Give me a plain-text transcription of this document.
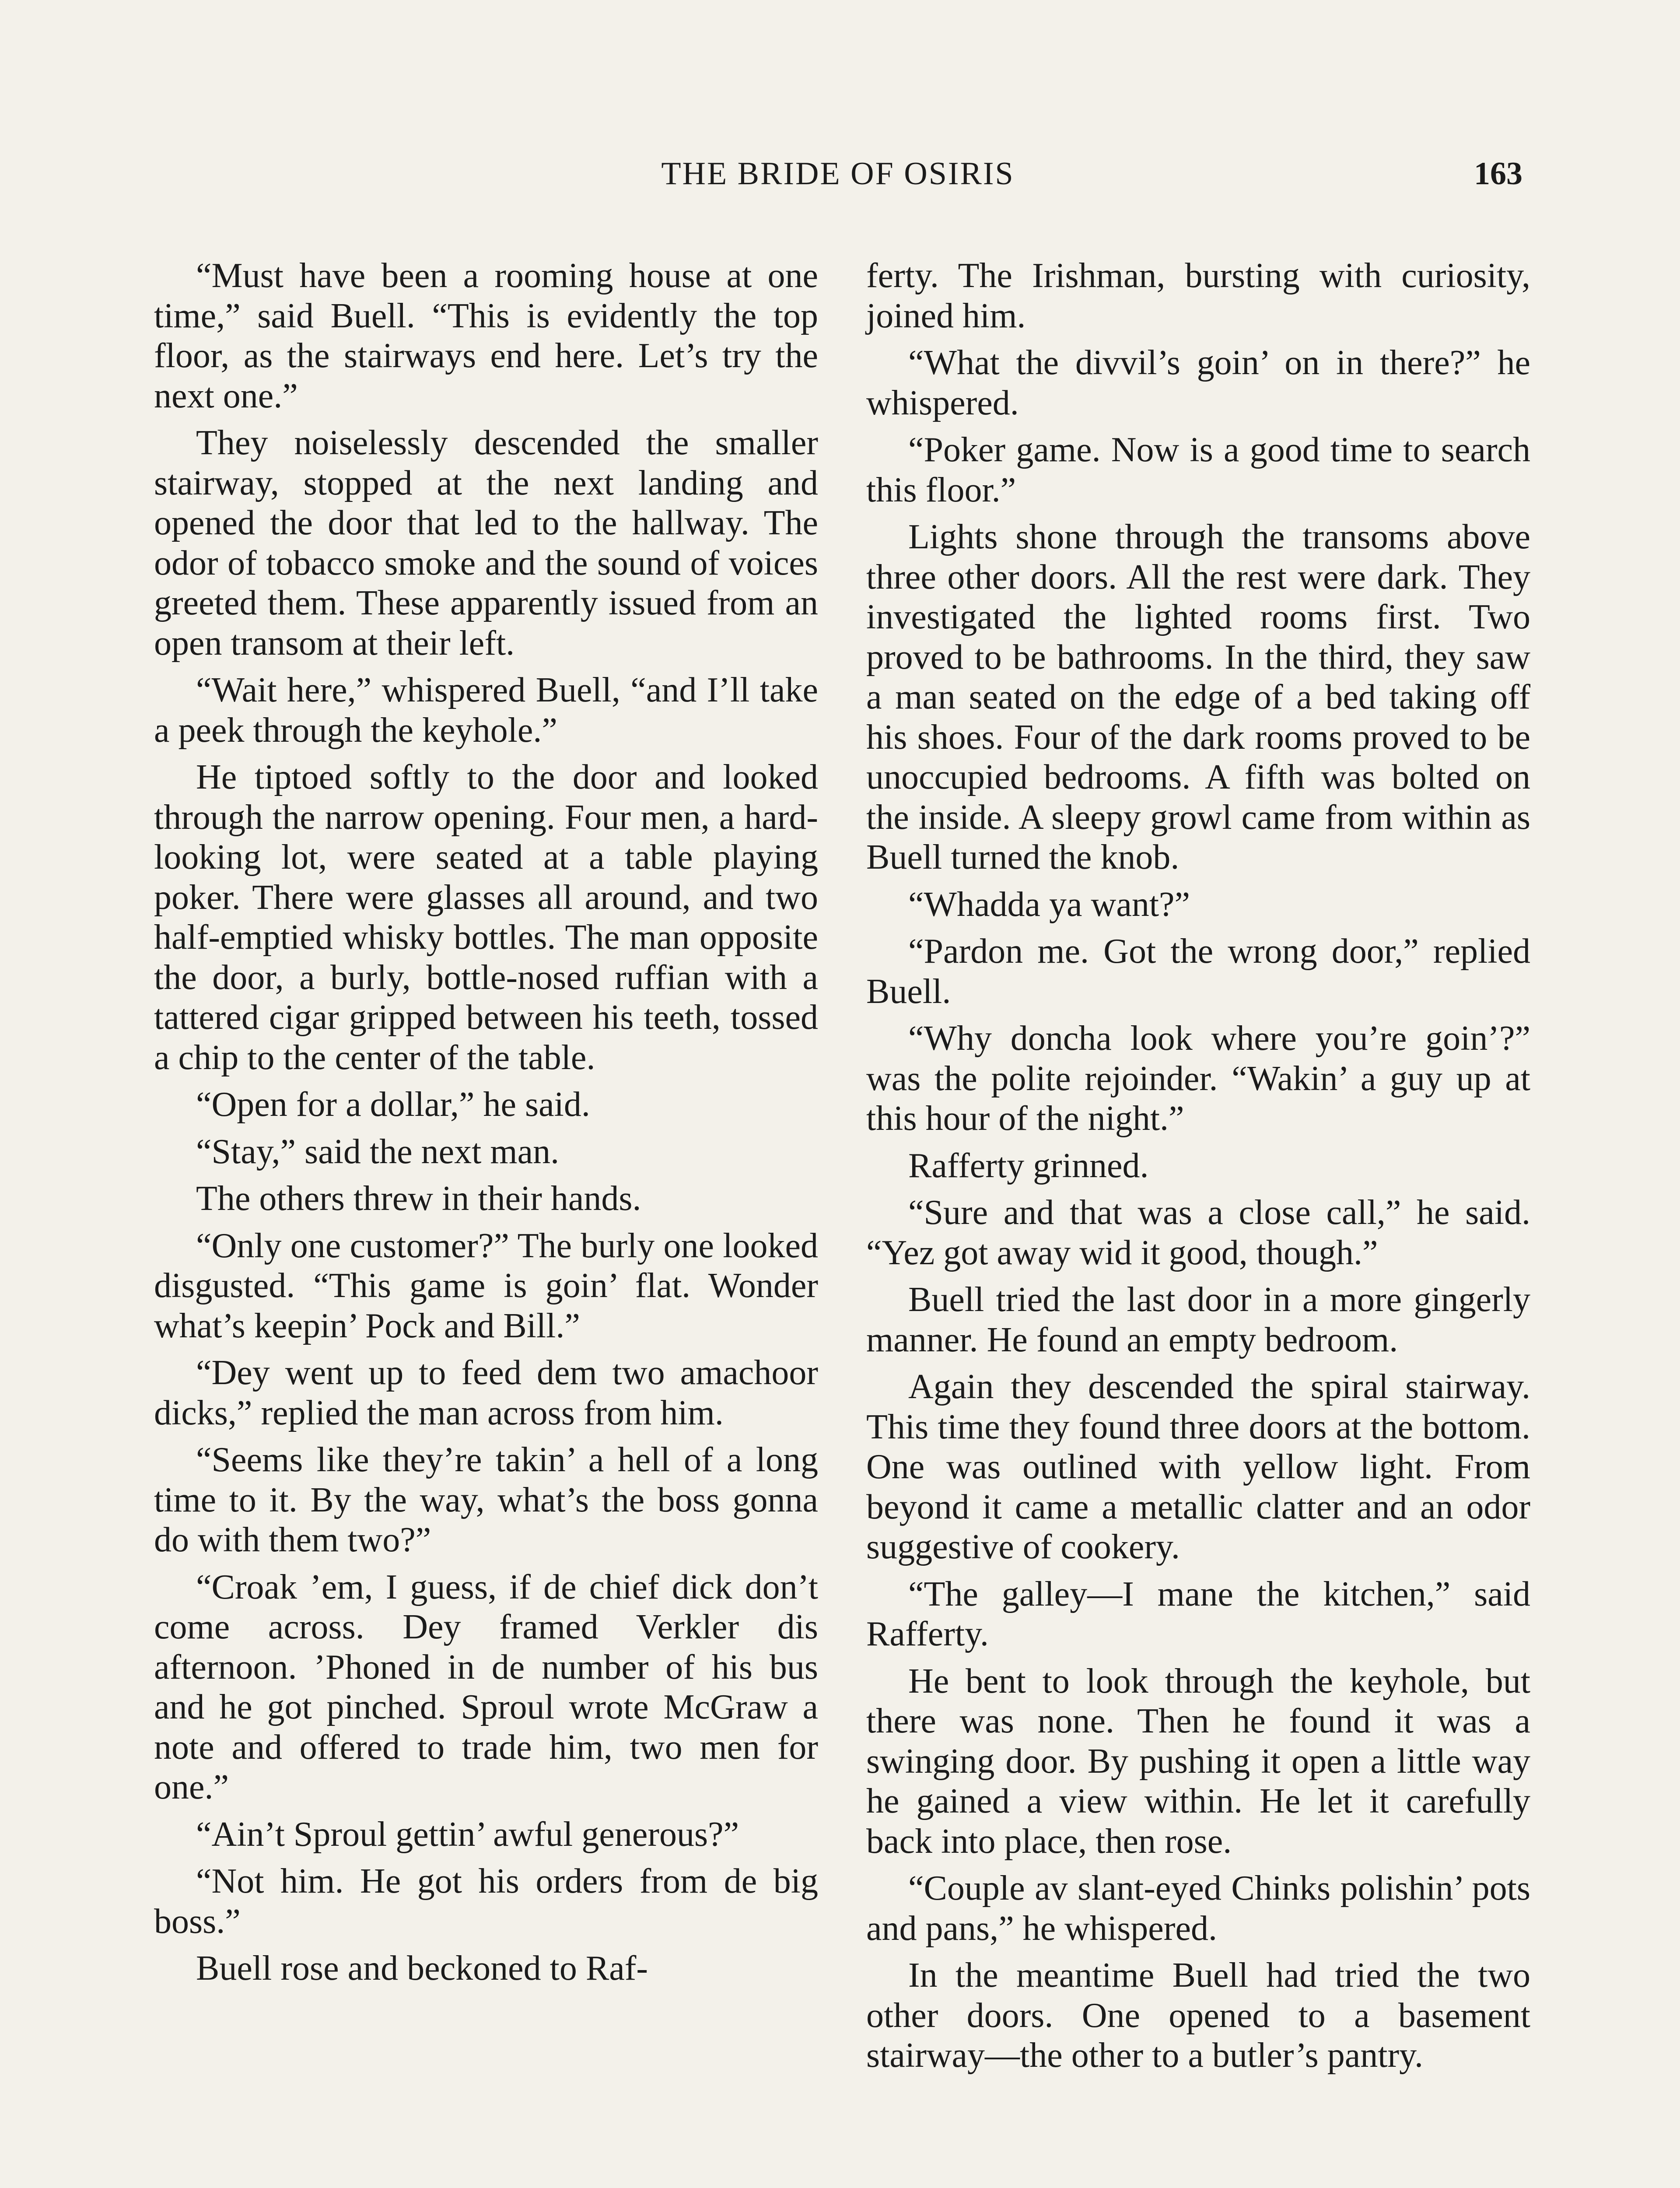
THE BRIDE OF OSIRIS	163

“Must have been a rooming house at one time,” said Buell. “This is evidently the top floor, as the stairways end here. Let’s try the next one.”

They noiselessly descended the smaller stairway, stopped at the next landing and opened the door that led to the hallway. The odor of tobacco smoke and the sound of voices greeted them. These apparently issued from an open transom at their left.

“Wait here,” whispered Buell, “and I’ll take a peek through the keyhole.”

He tiptoed softly to the door and looked through the narrow opening. Four men, a hard-looking lot, were seated at a table playing poker. There were glasses all around, and two half-emptied whisky bottles. The man opposite the door, a burly, bottle-nosed ruffian with a tattered cigar gripped between his teeth, tossed a chip to the center of the table.

“Open for a dollar,” he said.

“Stay,” said the next man.

The others threw in their hands.

“Only one customer?” The burly one looked disgusted. “This game is goin’ flat. Wonder what’s keepin’ Pock and Bill.”

“Dey went up to feed dem two amachoor dicks,” replied the man across from him.

“Seems like they’re takin’ a hell of a long time to it. By the way, what’s the boss gonna do with them two?”

“Croak ’em, I guess, if de chief dick don’t come across. Dey framed Verkler dis afternoon. ’Phoned in de number of his bus and he got pinched. Sproul wrote McGraw a note and offered to trade him, two men for one.”

“Ain’t Sproul gettin’ awful generous?”

“Not him. He got his orders from de big boss.”

Buell rose and beckoned to Raf-

ferty. The Irishman, bursting with curiosity, joined him.

“What the divvil’s goin’ on in there?” he whispered.

“Poker game. Now is a good time to search this floor.”

Lights shone through the transoms above three other doors. All the rest were dark. They investigated the lighted rooms first. Two proved to be bathrooms. In the third, they saw a man seated on the edge of a bed taking off his shoes. Four of the dark rooms proved to be unoccupied bedrooms. A fifth was bolted on the inside. A sleepy growl came from within as Buell turned the knob.

“Whadda ya want?”

“Pardon me. Got the wrong door,” replied Buell.

“Why doncha look where you’re goin’?” was the polite rejoinder. “Wakin’ a guy up at this hour of the night.”

Rafferty grinned.

“Sure and that was a close call,” he said. “Yez got away wid it good, though.”

Buell tried the last door in a more gingerly manner. He found an empty bedroom.

Again they descended the spiral stairway. This time they found three doors at the bottom. One was outlined with yellow light. From beyond it came a metallic clatter and an odor suggestive of cookery.

“The galley—I mane the kitchen,” said Rafferty.

He bent to look through the keyhole, but there was none. Then he found it was a swinging door. By pushing it open a little way he gained a view within. He let it carefully back into place, then rose.

“Couple av slant-eyed Chinks polishin’ pots and pans,” he whispered.

In the meantime Buell had tried the two other doors. One opened to a basement stairway—the other to a butler’s pantry.
